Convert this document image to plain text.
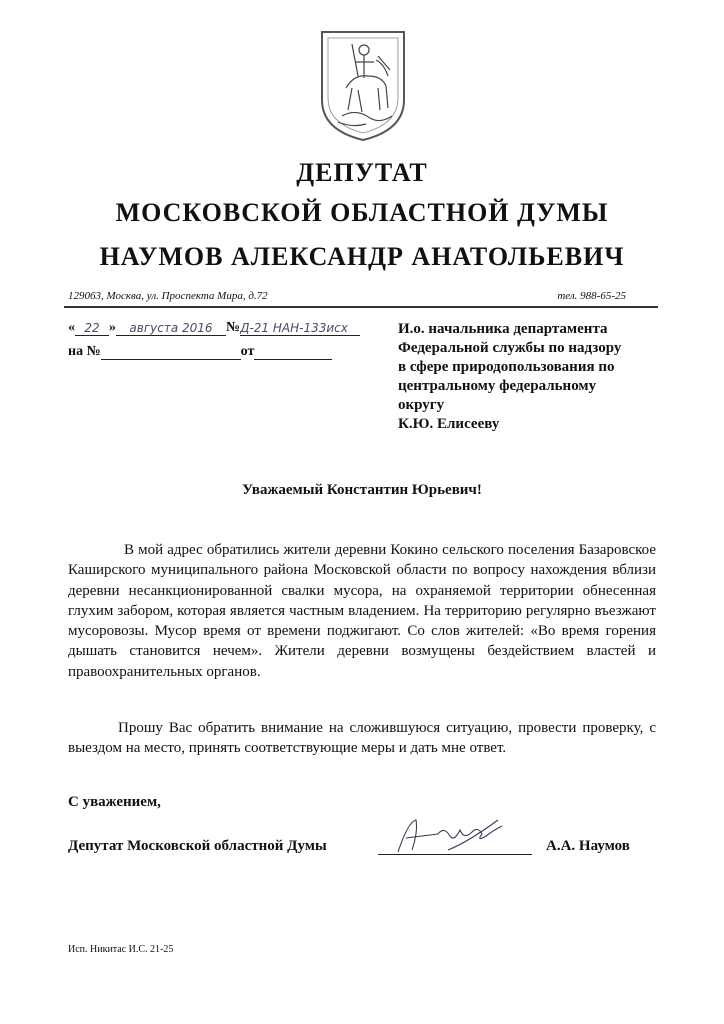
ДЕПУТАТ
МОСКОВСКОЙ ОБЛАСТНОЙ ДУМЫ
НАУМОВ АЛЕКСАНДР АНАТОЛЬЕВИЧ
129063, Москва, ул. Проспекта Мира, д.72	тел. 988-65-25
« 22 » августа 2016 №Д-21 НАН-133исх
на №	от
И.о. начальника департамента
Федеральной службы по надзору
в сфере природопользования по
центральному федеральному
округу
К.Ю. Елисееву
Уважаемый Константин Юрьевич!
В мой адрес обратились жители деревни Кокино сельского поселения Базаровское Каширского муниципального района Московской области по вопросу нахождения вблизи деревни несанкционированной свалки мусора, на охраняемой территории обнесенная глухим забором, которая является частным владением. На территорию регулярно въезжают мусоровозы. Мусор время от времени поджигают. Со слов жителей: «Во время горения дышать становится нечем». Жители деревни возмущены бездействием властей и правоохранительных органов.
Прошу Вас обратить внимание на сложившуюся ситуацию, провести проверку, с выездом на место, принять соответствующие меры и дать мне ответ.
С уважением,
Депутат Московской областной Думы	А.А. Наумов
Исп. Никитас И.С. 21-25
